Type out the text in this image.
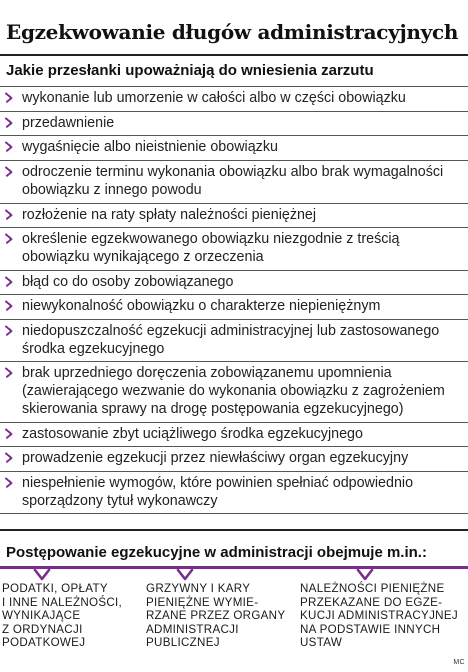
Egzekwowanie długów administracyjnych
Jakie przesłanki upoważniają do wniesienia zarzutu
wykonanie lub umorzenie w całości albo w części obowiązku
przedawnienie
wygaśnięcie albo nieistnienie obowiązku
odroczenie terminu wykonania obowiązku albo brak wymagalności
obowiązku z innego powodu
rozłożenie na raty spłaty należności pieniężnej
określenie egzekwowanego obowiązku niezgodnie z treścią
obowiązku wynikającego z orzeczenia
błąd co do osoby zobowiązanego
niewykonalność obowiązku o charakterze niepieniężnym
niedopuszczalność egzekucji administracyjnej lub zastosowanego
środka egzekucyjnego
brak uprzedniego doręczenia zobowiązanemu upomnienia
(zawierającego wezwanie do wykonania obowiązku z zagrożeniem
skierowania sprawy na drogę postępowania egzekucyjnego)
zastosowanie zbyt uciążliwego środka egzekucyjnego
prowadzenie egzekucji przez niewłaściwy organ egzekucyjny
niespełnienie wymogów, które powinien spełniać odpowiednio
sporządzony tytuł wykonawczy
Postępowanie egzekucyjne w administracji obejmuje m.in.:
PODATKI, OPŁATY
I INNE NALEŻNOŚCI,
WYNIKAJĄCE
Z ORDYNACJI
PODATKOWEJ
GRZYWNY I KARY
PIENIĘŻNE WYMIE-
RZANE PRZEZ ORGANY
ADMINISTRACJI
PUBLICZNEJ
NALEŻNOŚCI PIENIĘŻNE
PRZEKAZANE DO EGZE-
KUCJI ADMINISTRACYJNEJ
NA PODSTAWIE INNYCH
USTAW
MC
